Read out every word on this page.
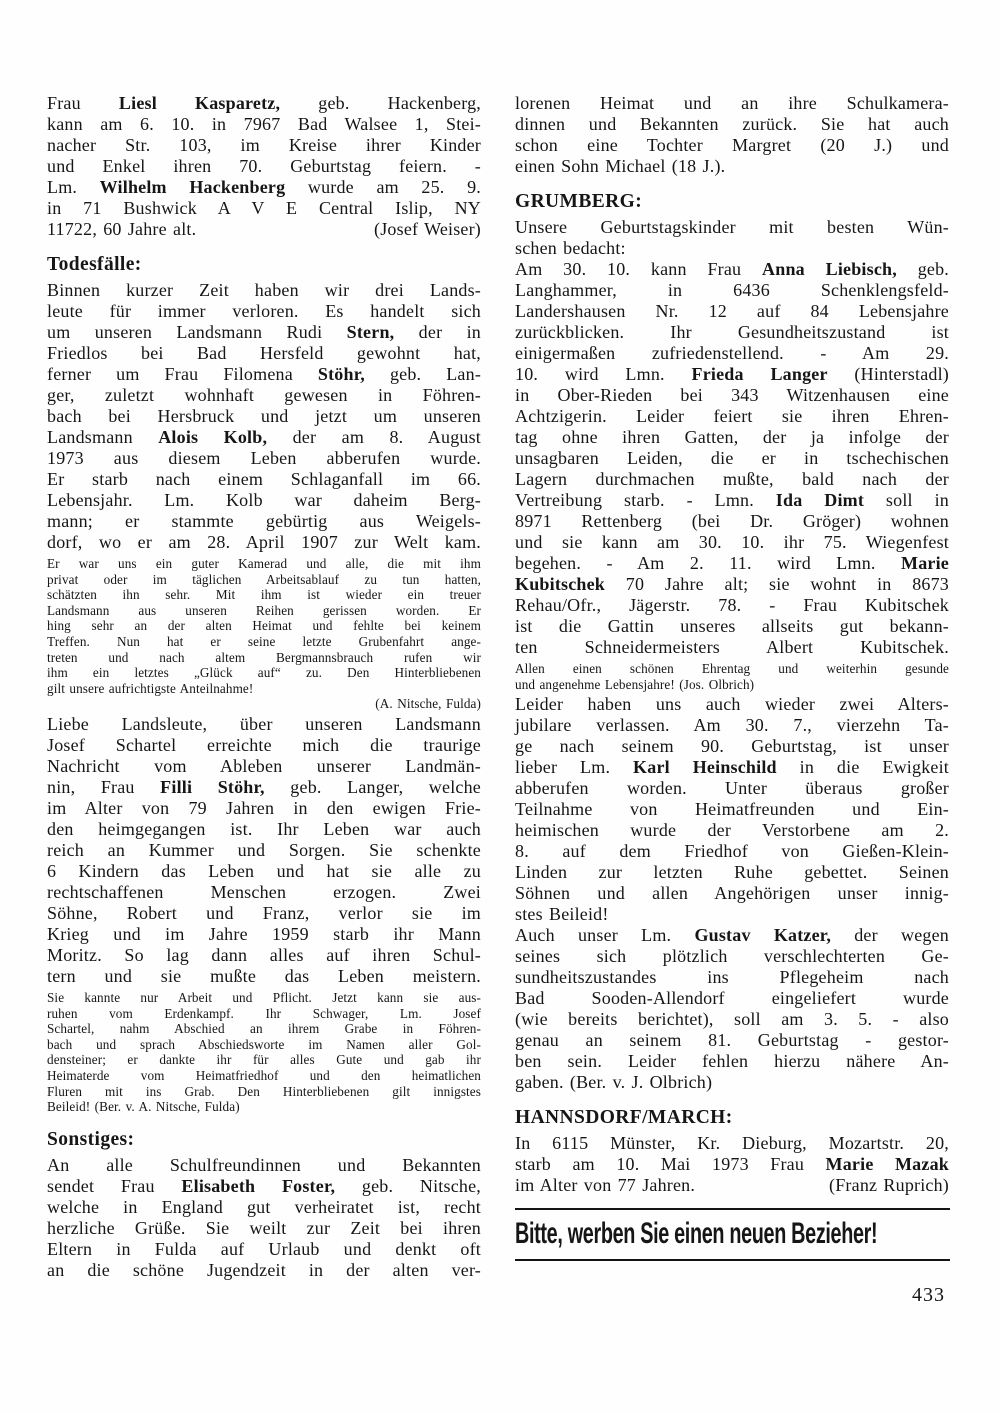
Frau Liesl Kasparetz, geb. Hackenberg,
kann am 6. 10. in 7967 Bad Walsee 1, Stei-
nacher Str. 103, im Kreise ihrer Kinder
und Enkel ihren 70. Geburtstag feiern. -
Lm. Wilhelm Hackenberg wurde am 25. 9.
in 71 Bushwick A V E Central Islip, NY
11722, 60 Jahre alt.	(Josef Weiser)
Todesfälle:
Binnen kurzer Zeit haben wir drei Lands-
leute für immer verloren. Es handelt sich
um unseren Landsmann Rudi Stern, der in
Friedlos bei Bad Hersfeld gewohnt hat,
ferner um Frau Filomena Stöhr, geb. Lan-
ger, zuletzt wohnhaft gewesen in Föhren-
bach bei Hersbruck und jetzt um unseren
Landsmann Alois Kolb, der am 8. August
1973 aus diesem Leben abberufen wurde.
Er starb nach einem Schlaganfall im 66.
Lebensjahr. Lm. Kolb war daheim Berg-
mann; er stammte gebürtig aus Weigels-
dorf, wo er am 28. April 1907 zur Welt kam.
Er war uns ein guter Kamerad und alle, die mit ihm
privat oder im täglichen Arbeitsablauf zu tun hatten,
schätzten ihn sehr. Mit ihm ist wieder ein treuer
Landsmann aus unseren Reihen gerissen worden. Er
hing sehr an der alten Heimat und fehlte bei keinem
Treffen. Nun hat er seine letzte Grubenfahrt ange-
treten und nach altem Bergmannsbrauch rufen wir
ihm ein letztes „Glück auf“ zu. Den Hinterbliebenen
gilt unsere aufrichtigste Anteilnahme!
(A. Nitsche, Fulda)
Liebe Landsleute, über unseren Landsmann
Josef Schartel erreichte mich die traurige
Nachricht vom Ableben unserer Landmän-
nin, Frau Filli Stöhr, geb. Langer, welche
im Alter von 79 Jahren in den ewigen Frie-
den heimgegangen ist. Ihr Leben war auch
reich an Kummer und Sorgen. Sie schenkte
6 Kindern das Leben und hat sie alle zu
rechtschaffenen Menschen erzogen. Zwei
Söhne, Robert und Franz, verlor sie im
Krieg und im Jahre 1959 starb ihr Mann
Moritz. So lag dann alles auf ihren Schul-
tern und sie mußte das Leben meistern.
Sie kannte nur Arbeit und Pflicht. Jetzt kann sie aus-
ruhen vom Erdenkampf. Ihr Schwager, Lm. Josef
Schartel, nahm Abschied an ihrem Grabe in Föhren-
bach und sprach Abschiedsworte im Namen aller Gol-
densteiner; er dankte ihr für alles Gute und gab ihr
Heimaterde vom Heimatfriedhof und den heimatlichen
Fluren mit ins Grab. Den Hinterbliebenen gilt innigstes
Beileid! (Ber. v. A. Nitsche, Fulda)
Sonstiges:
An alle Schulfreundinnen und Bekannten
sendet Frau Elisabeth Foster, geb. Nitsche,
welche in England gut verheiratet ist, recht
herzliche Grüße. Sie weilt zur Zeit bei ihren
Eltern in Fulda auf Urlaub und denkt oft
an die schöne Jugendzeit in der alten ver-
lorenen Heimat und an ihre Schulkamera-
dinnen und Bekannten zurück. Sie hat auch
schon eine Tochter Margret (20 J.) und
einen Sohn Michael (18 J.).
GRUMBERG:
Unsere Geburtstagskinder mit besten Wün-
schen bedacht:
Am 30. 10. kann Frau Anna Liebisch, geb.
Langhammer, in 6436 Schenklengsfeld-
Landershausen Nr. 12 auf 84 Lebensjahre
zurückblicken. Ihr Gesundheitszustand ist
einigermaßen zufriedenstellend. - Am 29.
10. wird Lmn. Frieda Langer (Hinterstadl)
in Ober-Rieden bei 343 Witzenhausen eine
Achtzigerin. Leider feiert sie ihren Ehren-
tag ohne ihren Gatten, der ja infolge der
unsagbaren Leiden, die er in tschechischen
Lagern durchmachen mußte, bald nach der
Vertreibung starb. - Lmn. Ida Dimt soll in
8971 Rettenberg (bei Dr. Gröger) wohnen
und sie kann am 30. 10. ihr 75. Wiegenfest
begehen. - Am 2. 11. wird Lmn. Marie
Kubitschek 70 Jahre alt; sie wohnt in 8673
Rehau/Ofr., Jägerstr. 78. - Frau Kubitschek
ist die Gattin unseres allseits gut bekann-
ten Schneidermeisters Albert Kubitschek.
Allen einen schönen Ehrentag und weiterhin gesunde
und angenehme Lebensjahre! (Jos. Olbrich)
Leider haben uns auch wieder zwei Alters-
jubilare verlassen. Am 30. 7., vierzehn Ta-
ge nach seinem 90. Geburtstag, ist unser
lieber Lm. Karl Heinschild in die Ewigkeit
abberufen worden. Unter überaus großer
Teilnahme von Heimatfreunden und Ein-
heimischen wurde der Verstorbene am 2.
8. auf dem Friedhof von Gießen-Klein-
Linden zur letzten Ruhe gebettet. Seinen
Söhnen und allen Angehörigen unser innig-
stes Beileid!
Auch unser Lm. Gustav Katzer, der wegen
seines sich plötzlich verschlechterten Ge-
sundheitszustandes ins Pflegeheim nach
Bad Sooden-Allendorf eingeliefert wurde
(wie bereits berichtet), soll am 3. 5. - also
genau an seinem 81. Geburtstag - gestor-
ben sein. Leider fehlen hierzu nähere An-
gaben. (Ber. v. J. Olbrich)
HANNSDORF/MARCH:
In 6115 Münster, Kr. Dieburg, Mozartstr. 20,
starb am 10. Mai 1973 Frau Marie Mazak
im Alter von 77 Jahren.	(Franz Ruprich)
Bitte, werben Sie einen neuen Bezieher!
433
